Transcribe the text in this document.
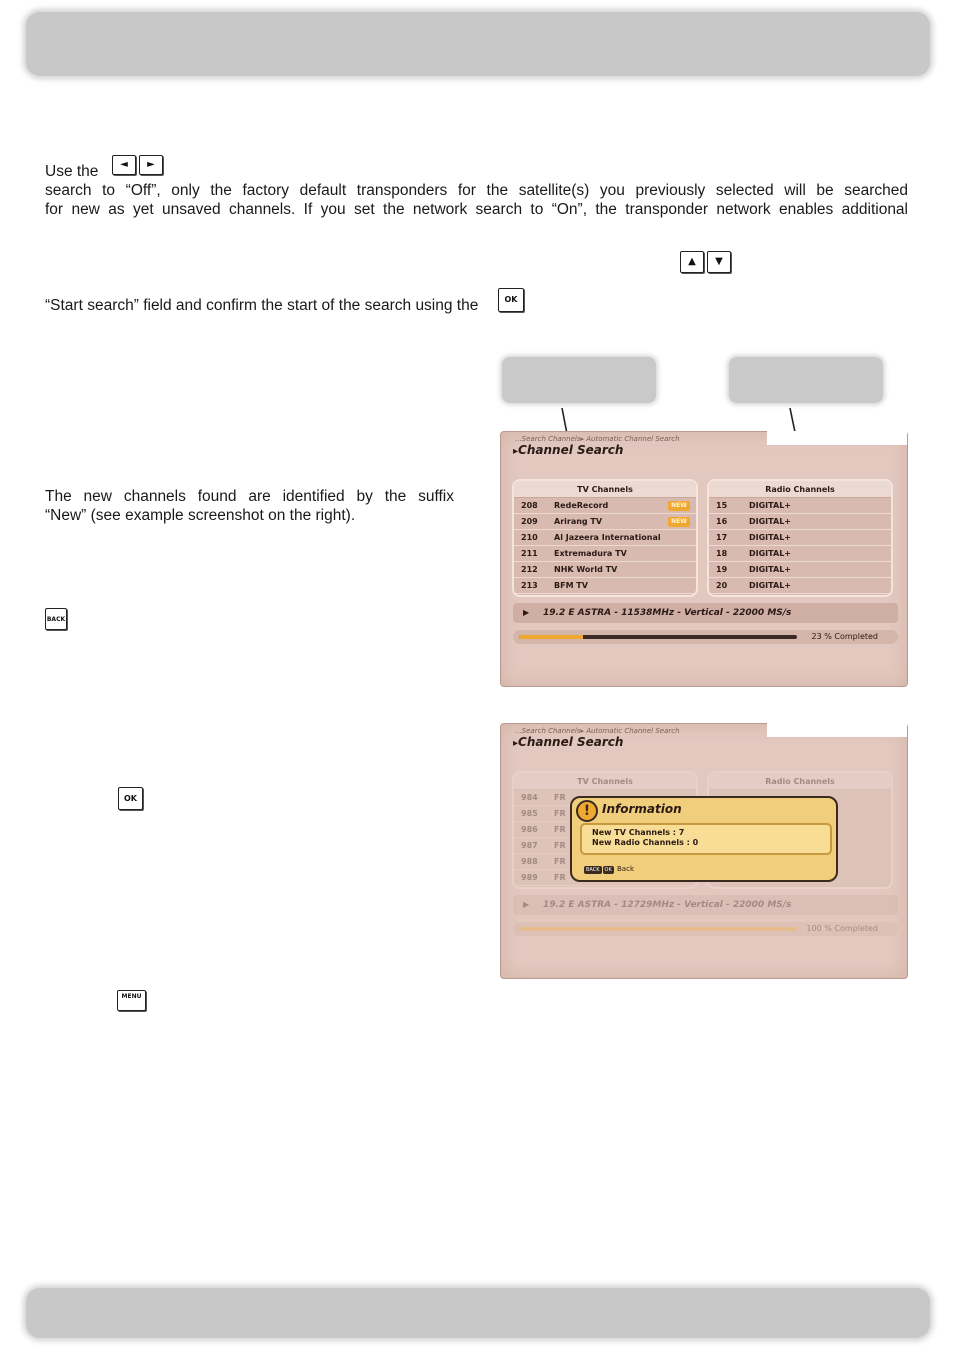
Use the	◄	►
search to “Off”, only the factory default transponders for the satellite(s) you previously selected will be searched
for new as yet unsaved channels. If you set the network search to “On”, the transponder network enables additional
▲	▼
“Start search” field and confirm the start of the search using the	OK
The new channels found are identified by the suffix
“New” (see example screenshot on the right).
BACK
...Search Channels▸ Automatic Channel Search
▸ Channel Search
TV Channels
208 RedeRecord	NEW
209 Arirang TV	NEW
210 Al Jazeera International
211 Extremadura TV
212 NHK World TV
213 BFM TV
Radio Channels
15	DIGITAL+
16	DIGITAL+
17	DIGITAL+
18	DIGITAL+
19	DIGITAL+
20	DIGITAL+
▶ 19.2 E ASTRA - 11538MHz - Vertical - 22000 MS/s
23 % Completed
OK
...Search Channels▸ Automatic Channel Search
▸ Channel Search
TV Channels
984 FR
985 FR
986 FR
987 FR
988 FR
989 FR
Radio Channels
▶ 19.2 E ASTRA - 12729MHz - Vertical - 22000 MS/s
100 % Completed
! Information
New TV Channels : 7
New Radio Channels : 0
BACK OK Back
MENU
